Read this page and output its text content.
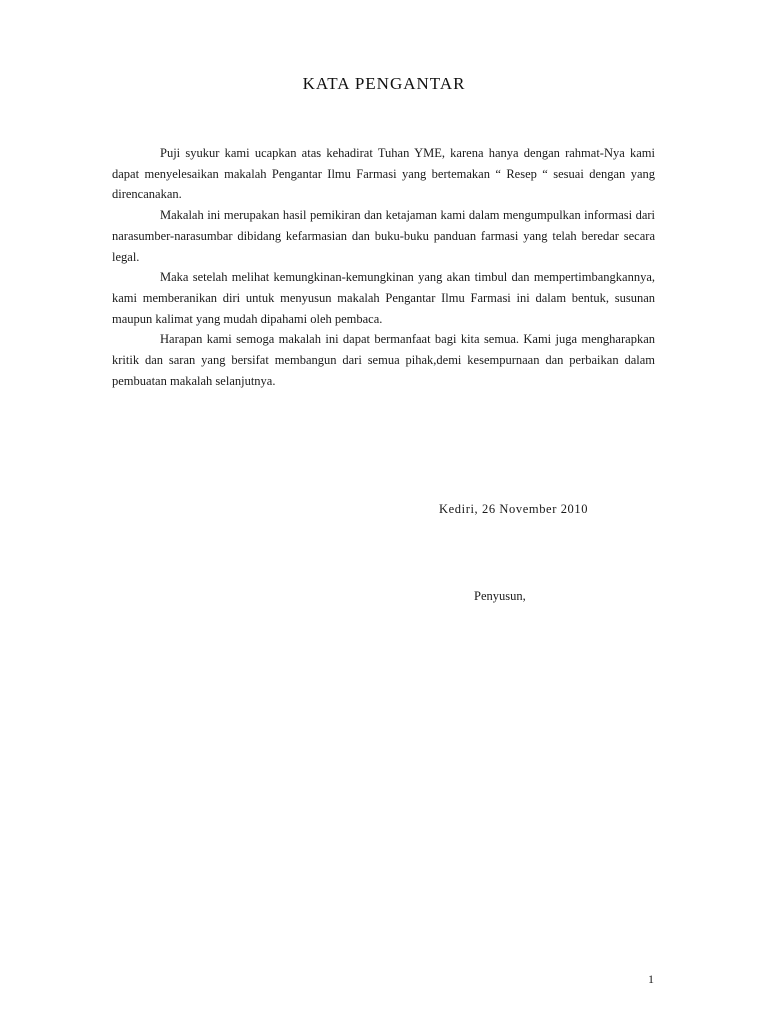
KATA PENGANTAR

Puji syukur kami ucapkan atas kehadirat Tuhan YME, karena hanya dengan rahmat-Nya kami dapat menyelesaikan makalah Pengantar Ilmu Farmasi yang bertemakan “ Resep “ sesuai dengan yang direncanakan.

Makalah ini merupakan hasil pemikiran dan ketajaman kami dalam mengumpulkan informasi dari narasumber-narasumbar dibidang kefarmasian dan buku-buku panduan farmasi yang telah beredar secara legal.

Maka setelah melihat kemungkinan-kemungkinan yang akan timbul dan mempertimbangkannya, kami memberanikan diri untuk menyusun makalah Pengantar Ilmu Farmasi ini dalam bentuk, susunan maupun kalimat yang mudah dipahami oleh pembaca.

Harapan kami semoga makalah ini dapat bermanfaat bagi kita semua. Kami juga mengharapkan kritik dan saran yang bersifat membangun dari semua pihak,demi kesempurnaan dan perbaikan dalam pembuatan makalah selanjutnya.

Kediri, 26 November 2010
Penyusun,
1
